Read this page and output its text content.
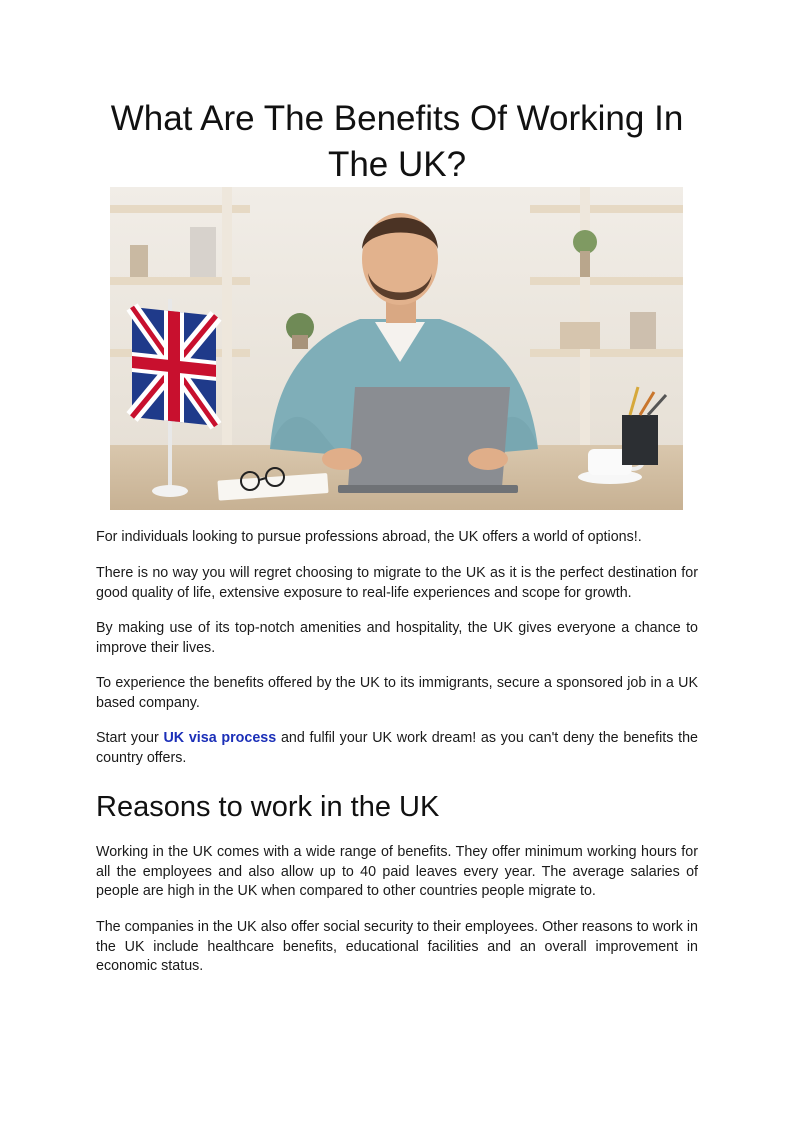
What Are The Benefits Of Working In The UK?

For individuals looking to pursue professions abroad, the UK offers a world of options!.

There is no way you will regret choosing to migrate to the UK as it is the perfect destination for good quality of life, extensive exposure to real-life experiences and scope for growth.

By making use of its top-notch amenities and hospitality, the UK gives everyone a chance to improve their lives.

To experience the benefits offered by the UK to its immigrants, secure a sponsored job in a UK based company.

Start your UK visa process and fulfil your UK work dream! as you can't deny the benefits the country offers.

Reasons to work in the UK

Working in the UK comes with a wide range of benefits. They offer minimum working hours for all the employees and also allow up to 40 paid leaves every year. The average salaries of people are high in the UK when compared to other countries people migrate to.

The companies in the UK also offer social security to their employees. Other reasons to work in the UK include healthcare benefits, educational facilities and an overall improvement in economic status.
